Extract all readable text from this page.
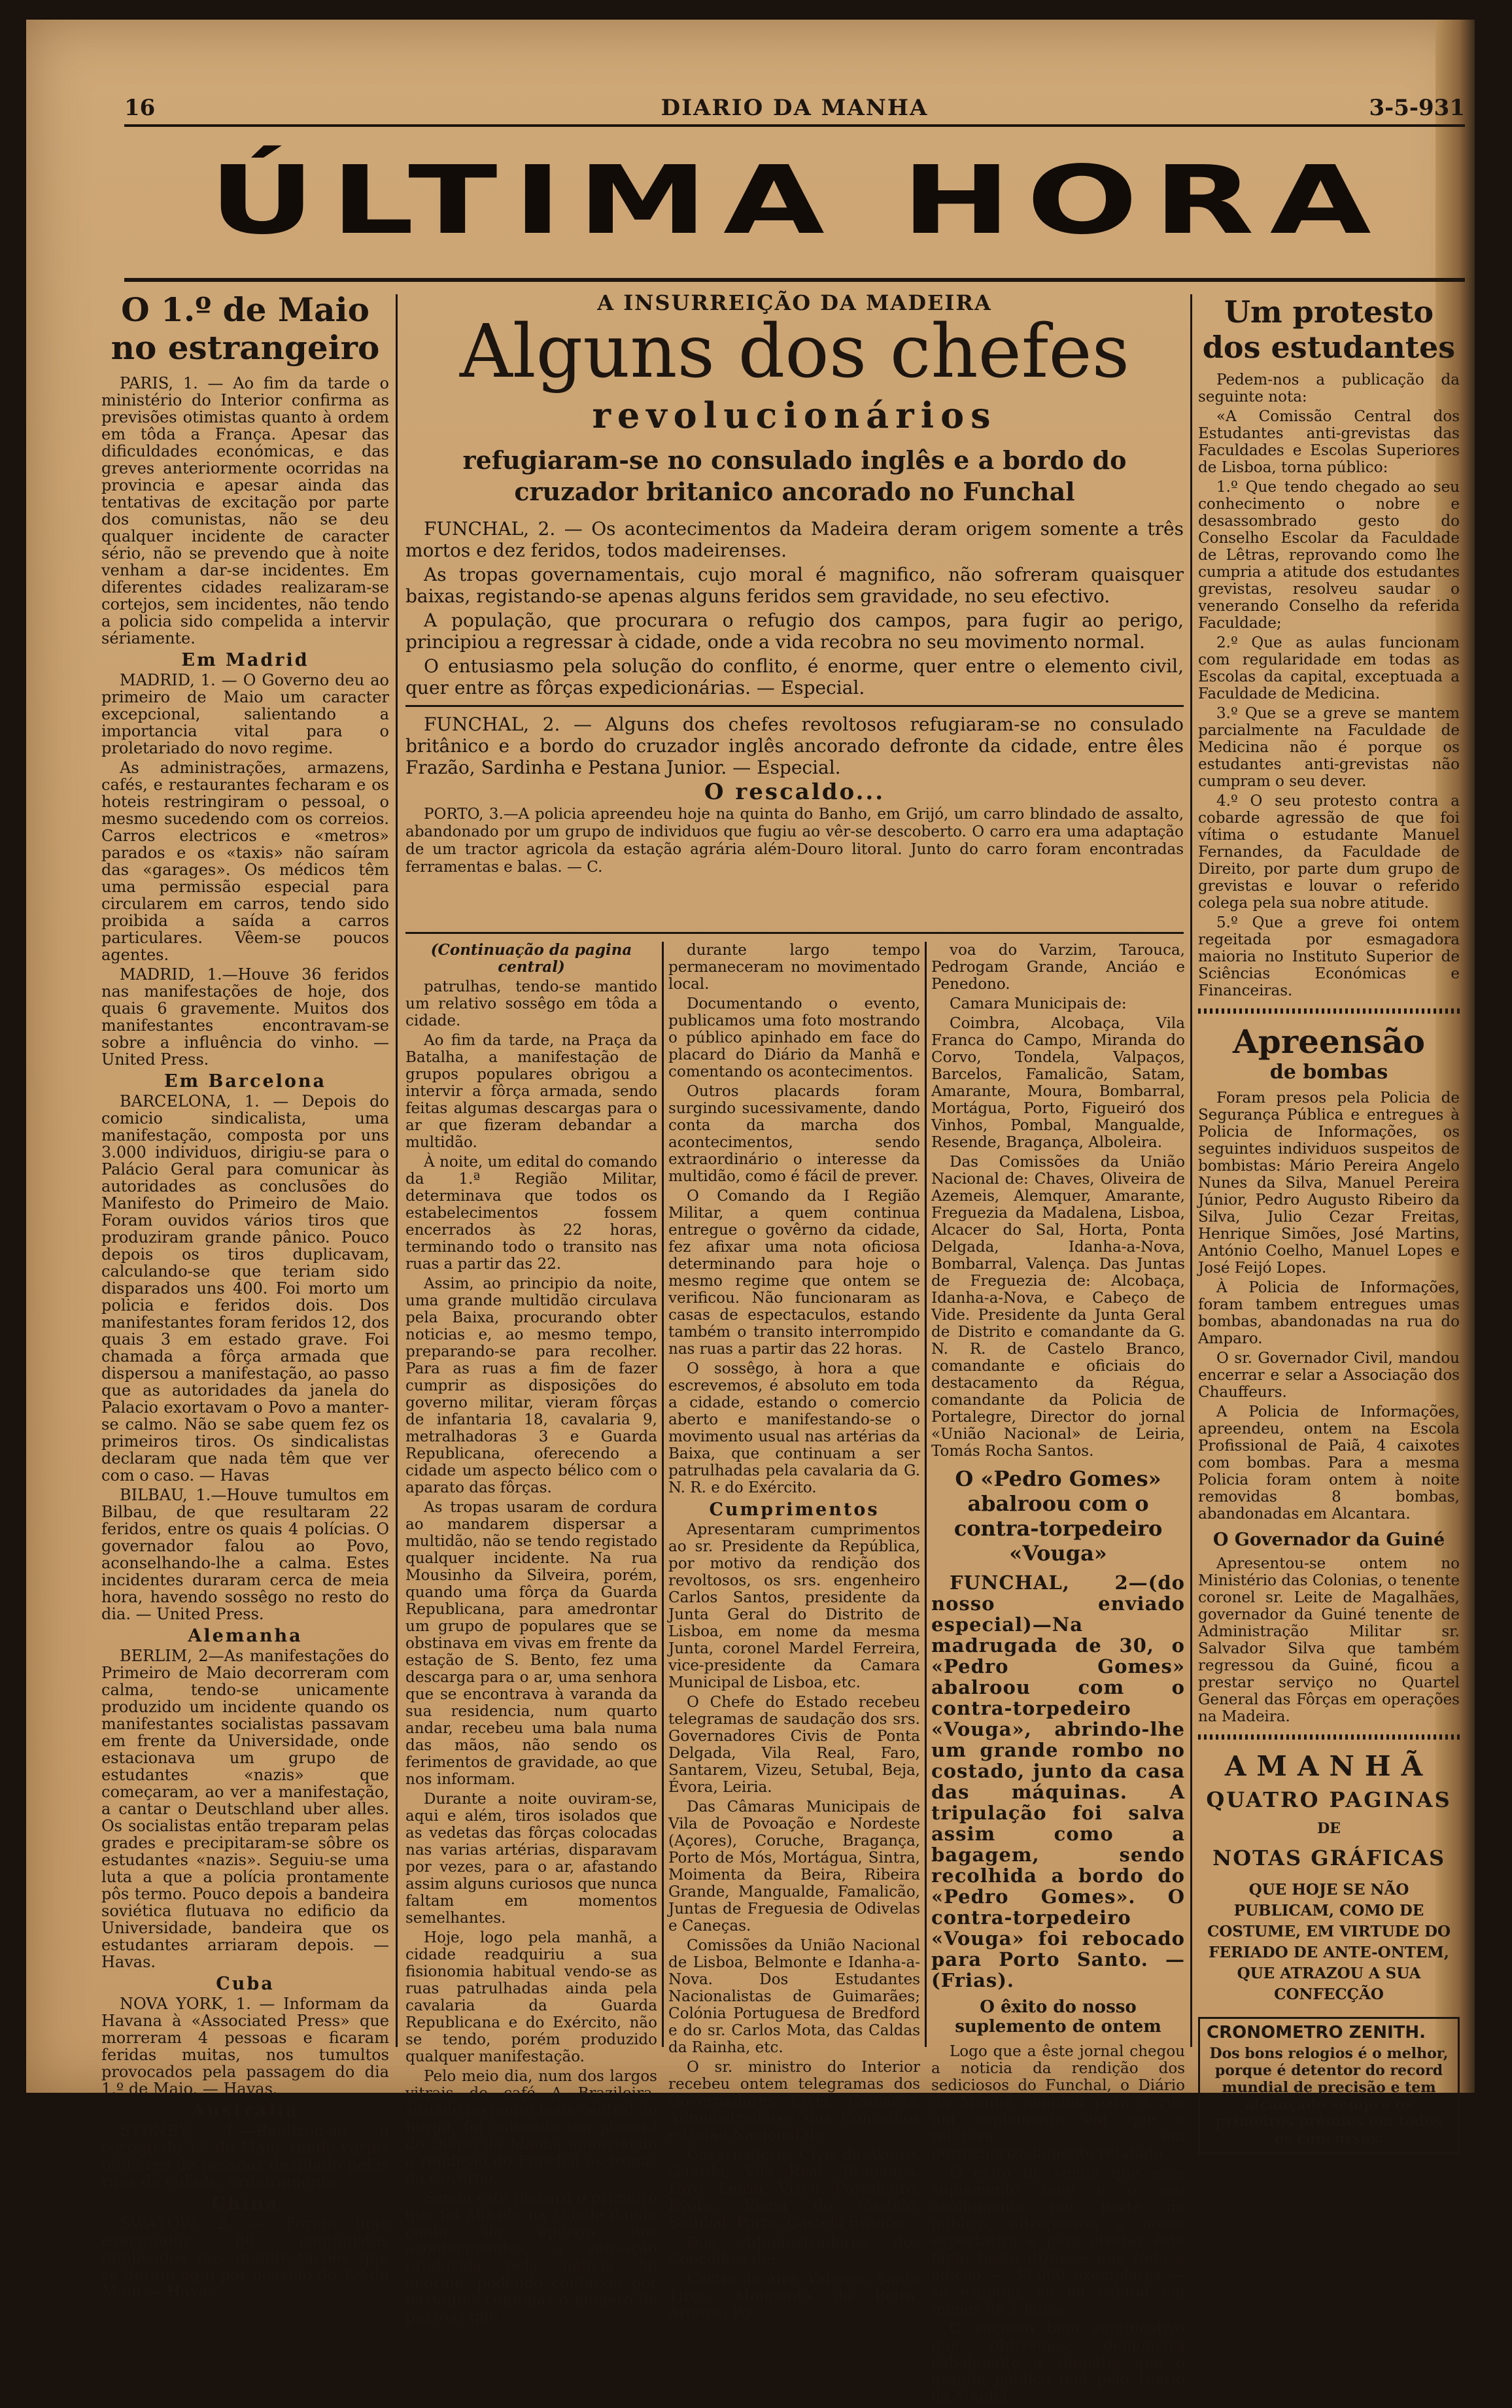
16	DIARIO DA MANHA	3-5-931
ÚLTIMA HORA
O 1.º de Maio no estrangeiro

PARIS, 1. — Ao fim da tarde o ministério do Interior confirma as previsões otimistas quanto à ordem em tôda a França. Apesar das dificuldades económicas, e das greves anteriormente ocorridas na provincia e apesar ainda das tentativas de excitação por parte dos comunistas, não se deu qualquer incidente de caracter sério, não se prevendo que à noite venham a dar-se incidentes. Em diferentes cidades realizaram-se cortejos, sem incidentes, não tendo a policia sido compelida a intervir sériamente.

Em Madrid

MADRID, 1. — O Governo deu ao primeiro de Maio um caracter excepcional, salientando a importancia vital para o proletariado do novo regime.

As administrações, armazens, cafés, e restaurantes fecharam e os hoteis restringiram o pessoal, o mesmo sucedendo com os correios. Carros electricos e «metros» parados e os «taxis» não saíram das «garages». Os médicos têm uma permissão especial para circularem em carros, tendo sido proibida a saída a carros particulares. Vêem-se poucos agentes.

MADRID, 1.—Houve 36 feridos nas manifestações de hoje, dos quais 6 gravemente. Muitos dos manifestantes encontravam-se sobre a influência do vinho. — United Press.

Em Barcelona

BARCELONA, 1. — Depois do comicio sindicalista, uma manifestação, composta por uns 3.000 individuos, dirigiu-se para o Palácio Geral para comunicar às autoridades as conclusões do Manifesto do Primeiro de Maio. Foram ouvidos vários tiros que produziram grande pânico. Pouco depois os tiros duplicavam, calculando-se que teriam sido disparados uns 400. Foi morto um policia e feridos dois. Dos manifestantes foram feridos 12, dos quais 3 em estado grave. Foi chamada a fôrça armada que dispersou a manifestação, ao passo que as autoridades da janela do Palacio exortavam o Povo a manter-se calmo. Não se sabe quem fez os primeiros tiros. Os sindicalistas declaram que nada têm que ver com o caso. — Havas

BILBAU, 1.—Houve tumultos em Bilbau, de que resultaram 22 feridos, entre os quais 4 polícias. O governador falou ao Povo, aconselhando-lhe a calma. Estes incidentes duraram cerca de meia hora, havendo sossêgo no resto do dia. — United Press.

Alemanha

BERLIM, 2—As manifestações do Primeiro de Maio decorreram com calma, tendo-se unicamente produzido um incidente quando os manifestantes socialistas passavam em frente da Universidade, onde estacionava um grupo de estudantes «nazis» que começaram, ao ver a manifestação, a cantar o Deutschland uber alles. Os socialistas então treparam pelas grades e precipitaram-se sôbre os estudantes «nazis». Seguiu-se uma luta a que a polícia prontamente pôs termo. Pouco depois a bandeira soviética flutuava no edificio da Universidade, bandeira que os estudantes arriaram depois. — Havas.

Cuba

NOVA YORK, 1. — Informam da Havana à «Associated Press» que morreram 4 pessoas e ficaram feridas muitas, nos tumultos provocados pela passagem do dia 1.º de Maio. — Havas.

Australia

SYDNEY, 1.—Realizou-se o cortejo do 1.º de Maio, tendo vários milhares de pessoas desfilado pelas ruas da cidade, ordeiramente.

China

SWATOW, 2. — Foram hoje executados 80 comunistas implicados nas manifestações que se deram aqui por ocasião do 1.º de Maio — Havas.

A INSURREIÇÃO DA MADEIRA
Alguns dos chefes
revolucionários
refugiaram-se no consulado inglês e a bordo do cruzador britanico ancorado no Funchal

FUNCHAL, 2. — Os acontecimentos da Madeira deram origem somente a três mortos e dez feridos, todos madeirenses.

As tropas governamentais, cujo moral é magnifico, não sofreram quaisquer baixas, registando-se apenas alguns feridos sem gravidade, no seu efectivo.

A população, que procurara o refugio dos campos, para fugir ao perigo, principiou a regressar à cidade, onde a vida recobra no seu movimento normal.

O entusiasmo pela solução do conflito, é enorme, quer entre o elemento civil, quer entre as fôrças expedicionárias. — Especial.

FUNCHAL, 2. — Alguns dos chefes revoltosos refugiaram-se no consulado britânico e a bordo do cruzador inglês ancorado defronte da cidade, entre êles Frazão, Sardinha e Pestana Junior. — Especial.

O rescaldo...

PORTO, 3.—A policia apreendeu hoje na quinta do Banho, em Grijó, um carro blindado de assalto, abandonado por um grupo de individuos que fugiu ao vêr-se descoberto. O carro era uma adaptação de um tractor agricola da estação agrária além-Douro litoral. Junto do carro foram encontradas ferramentas e balas. — C.

(Continuação da pagina central)

patrulhas, tendo-se mantido um relativo sossêgo em tôda a cidade.

Ao fim da tarde, na Praça da Batalha, a manifestação de grupos populares obrigou a intervir a fôrça armada, sendo feitas algumas descargas para o ar que fizeram debandar a multidão.

À noite, um edital do comando da 1.ª Região Militar, determinava que todos os estabelecimentos fossem encerrados às 22 horas, terminando todo o transito nas ruas a partir das 22.

Assim, ao principio da noite, uma grande multidão circulava pela Baixa, procurando obter noticias e, ao mesmo tempo, preparando-se para recolher. Para as ruas a fim de fazer cumprir as disposições do governo militar, vieram fôrças de infantaria 18, cavalaria 9, metralhadoras 3 e Guarda Republicana, oferecendo a cidade um aspecto bélico com o aparato das fôrças.

As tropas usaram de cordura ao mandarem dispersar a multidão, não se tendo registado qualquer incidente. Na rua Mousinho da Silveira, porém, quando uma fôrça da Guarda Republicana, para amedrontar um grupo de populares que se obstinava em vivas em frente da estação de S. Bento, fez uma descarga para o ar, uma senhora que se encontrava à varanda da sua residencia, num quarto andar, recebeu uma bala numa das mãos, não sendo os ferimentos de gravidade, ao que nos informam.

Durante a noite ouviram-se, aqui e além, tiros isolados que as vedetas das fôrças colocadas nas varias artérias, disparavam por vezes, para o ar, afastando assim alguns curiosos que nunca faltam em momentos semelhantes.

Hoje, logo pela manhã, a cidade readquiriu a sua fisionomia habitual vendo-se as ruas patrulhadas ainda pela cavalaria da Guarda Republicana e do Exército, não se tendo, porém produzido qualquer manifestação.

Pelo meio dia, num dos largos vitrais do café A Brazileira, situado no ponto mais central do burgo, foi colocado um placard do Diário da Manhã anunciando a rendição do Funchal às tropas do Govêrno.

Sendo êste placard o primeiro que foi afixado na cidade dando conta do epílogo dos acontecimentos, a sensação produzida pela noticia foi enorme, podendo contar-se por bastantes centenas o número de pessoas que

durante largo tempo permaneceram no movimentado local.

Documentando o evento, publicamos uma foto mostrando o público apinhado em face do placard do Diário da Manhã e comentando os acontecimentos.

Outros placards foram surgindo sucessivamente, dando conta da marcha dos acontecimentos, sendo extraordinário o interesse da multidão, como é fácil de prever.

O Comando da I Região Militar, a quem continua entregue o govêrno da cidade, fez afixar uma nota oficiosa determinando para hoje o mesmo regime que ontem se verificou. Não funcionaram as casas de espectaculos, estando também o transito interrompido nas ruas a partir das 22 horas.

O sossêgo, à hora a que escrevemos, é absoluto em toda a cidade, estando o comercio aberto e manifestando-se o movimento usual nas artérias da Baixa, que continuam a ser patrulhadas pela cavalaria da G. N. R. e do Exército.

Cumprimentos

Apresentaram cumprimentos ao sr. Presidente da República, por motivo da rendição dos revoltosos, os srs. engenheiro Carlos Santos, presidente da Junta Geral do Distrito de Lisboa, em nome da mesma Junta, coronel Mardel Ferreira, vice-presidente da Camara Municipal de Lisboa, etc.

O Chefe do Estado recebeu telegramas de saudação dos srs. Governadores Civis de Ponta Delgada, Vila Real, Faro, Santarem, Vizeu, Setubal, Beja, Évora, Leiria.

Das Câmaras Municipais de Vila de Povoação e Nordeste (Açores), Coruche, Bragança, Porto de Mós, Mortágua, Sintra, Moimenta da Beira, Ribeira Grande, Mangualde, Famalicão, Juntas de Freguesia de Odivelas e Caneças.

Comissões da União Nacional de Lisboa, Belmonte e Idanha-a-Nova. Dos Estudantes Nacionalistas de Guimarães; Colónia Portuguesa de Bredford e do sr. Carlos Mota, das Caldas da Rainha, etc.

O sr. ministro do Interior recebeu ontem telegramas dos Governadores Civis, Camaras, Administradores dos Concelhos e União Nacional de:

Governadores Civis de Aveiro, Guarda, Vila Real, Bragança, Faro, Leiria, Viseu, Portalegre, Évora, Viana do Castelo, Setubal, Porto, Castelo Branco.

Dos Administradores dos Concelhos de:

Castro de Aire, Valença, Santo Tirço, Moimenta do Beira, Arouca, Po-

voa do Varzim, Tarouca, Pedrogam Grande, Anciáo e Penedono.

Camara Municipais de:

Coimbra, Alcobaça, Vila Franca do Campo, Miranda do Corvo, Tondela, Valpaços, Barcelos, Famalicão, Satam, Amarante, Moura, Bombarral, Mortágua, Porto, Figueiró dos Vinhos, Pombal, Mangualde, Resende, Bragança, Alboleira.

Das Comissões da União Nacional de: Chaves, Oliveira de Azemeis, Alemquer, Amarante, Freguezia da Madalena, Lisboa, Alcacer do Sal, Horta, Ponta Delgada, Idanha-a-Nova, Bombarral, Valença. Das Juntas de Freguezia de: Alcobaça, Idanha-a-Nova, e Cabeço de Vide. Presidente da Junta Geral de Distrito e comandante da G. N. R. de Castelo Branco, comandante e oficiais do destacamento da Régua, comandante da Policia de Portalegre, Director do jornal «União Nacional» de Leiria, Tomás Rocha Santos.

O «Pedro Gomes» abalroou com o contra-torpedeiro «Vouga»

FUNCHAL, 2—(do nosso enviado especial)—Na madrugada de 30, o «Pedro Gomes» abalroou com o contra-torpedeiro «Vouga», abrindo-lhe um grande rombo no costado, junto da casa das máquinas. A tripulação foi salva assim como a bagagem, sendo recolhida a bordo do «Pedro Gomes». O contra-torpedeiro «Vouga» foi rebocado para Porto Santo. — (Frias).

O êxito do nosso suplemento de ontem

Logo que a êste jornal chegou a noticia da rendição dos sediciosos do Funchal, o Diário da Manhã mandou para a rua um suplemento em que o relatava em pormenorizadamente relatado.

O êxito de venda que êsse suplemento teve e o seu acolhimento por parte do público, ultrapassou a nossa espectativa e para atestar êste facto basta dizer-se que toda a edição — 30.000 exemplares — se esgotou, só na capital em menos de 2 horas.

O sucesso bem significativo que obtivemos, demonstra cabalmente a simpatia que o grande público tem pelo Diário da Manhã.

Um protesto dos estudantes

Pedem-nos a publicação da seguinte nota:

«A Comissão Central dos Estudantes anti-grevistas das Faculdades e Escolas Superiores de Lisboa, torna público:

1.º Que tendo chegado ao seu conhecimento o nobre e desassombrado gesto do Conselho Escolar da Faculdade de Lêtras, reprovando como lhe cumpria a atitude dos estudantes grevistas, resolveu saudar o venerando Conselho da referida Faculdade;

2.º Que as aulas funcionam com regularidade em todas as Escolas da capital, exceptuada a Faculdade de Medicina.

3.º Que se a greve se mantem parcialmente na Faculdade de Medicina não é porque os estudantes anti-grevistas não cumpram o seu dever.

4.º O seu protesto contra a cobarde agressão de que foi vítima o estudante Manuel Fernandes, da Faculdade de Direito, por parte dum grupo de grevistas e louvar o referido colega pela sua nobre atitude.

5.º Que a greve foi ontem regeitada por esmagadora maioria no Instituto Superior de Sciências Económicas e Financeiras.

Apreensão
de bombas

Foram presos pela Policia de Segurança Pública e entregues à Policia de Informações, os seguintes individuos suspeitos de bombistas: Mário Pereira Angelo Nunes da Silva, Manuel Pereira Júnior, Pedro Augusto Ribeiro da Silva, Julio Cezar Freitas, Henrique Simões, José Martins, António Coelho, Manuel Lopes e José Feijó Lopes.

À Policia de Informações, foram tambem entregues umas bombas, abandonadas na rua do Amparo.

O sr. Governador Civil, mandou encerrar e selar a Associação dos Chauffeurs.

A Policia de Informações, apreendeu, ontem na Escola Profissional de Paiã, 4 caixotes com bombas. Para a mesma Policia foram ontem à noite removidas 8 bombas, abandonadas em Alcantara.

O Governador da Guiné

Apresentou-se ontem no Ministério das Colonias, o tenente coronel sr. Leite de Magalhães, governador da Guiné tenente de Administração Militar sr. Salvador Silva que também regressou da Guiné, ficou a prestar serviço no Quartel General das Fôrças em operações na Madeira.

AMANHÃ
QUATRO PAGINAS
DE
NOTAS GRÁFICAS
QUE HOJE SE NÃO PUBLICAM, COMO DE COSTUME, EM VIRTUDE DO FERIADO DE ANTE-ONTEM, QUE ATRAZOU A SUA CONFECÇÃO
CRONOMETRO ZENITH.
Dos bons relogios é o melhor, porque é detentor do record mundial de precisão e tem alcançado sempre os primeiros prémios em todos os concursos.
